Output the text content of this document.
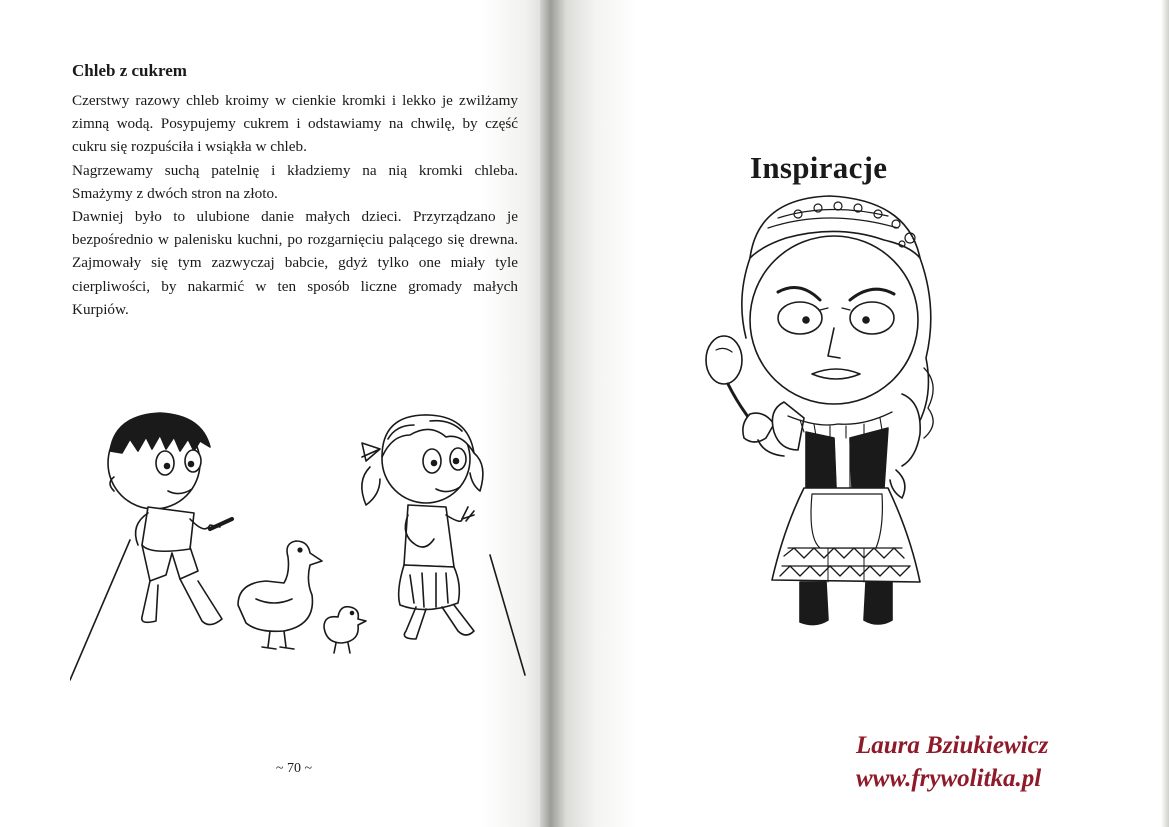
Chleb z cukrem

Czerstwy razowy chleb kroimy w cienkie kromki i lekko je zwilżamy zimną wodą. Posypujemy cukrem i odstawiamy na chwilę, by część cukru się rozpuściła i wsiąkła w chleb.

Nagrzewamy suchą patelnię i kładziemy na nią kromki chleba. Smażymy z dwóch stron na złoto.

Dawniej było to ulubione danie małych dzieci. Przyrządzano je bezpośrednio w palenisku kuchni, po rozgarnięciu palącego się drewna. Zajmowały się tym zazwyczaj babcie, gdyż tylko one miały tyle cierpliwości, by nakarmić w ten sposób liczne gromady małych Kurpiów.

~ 70 ~
Inspiracje
Laura Bziukiewicz
www.frywolitka.pl
